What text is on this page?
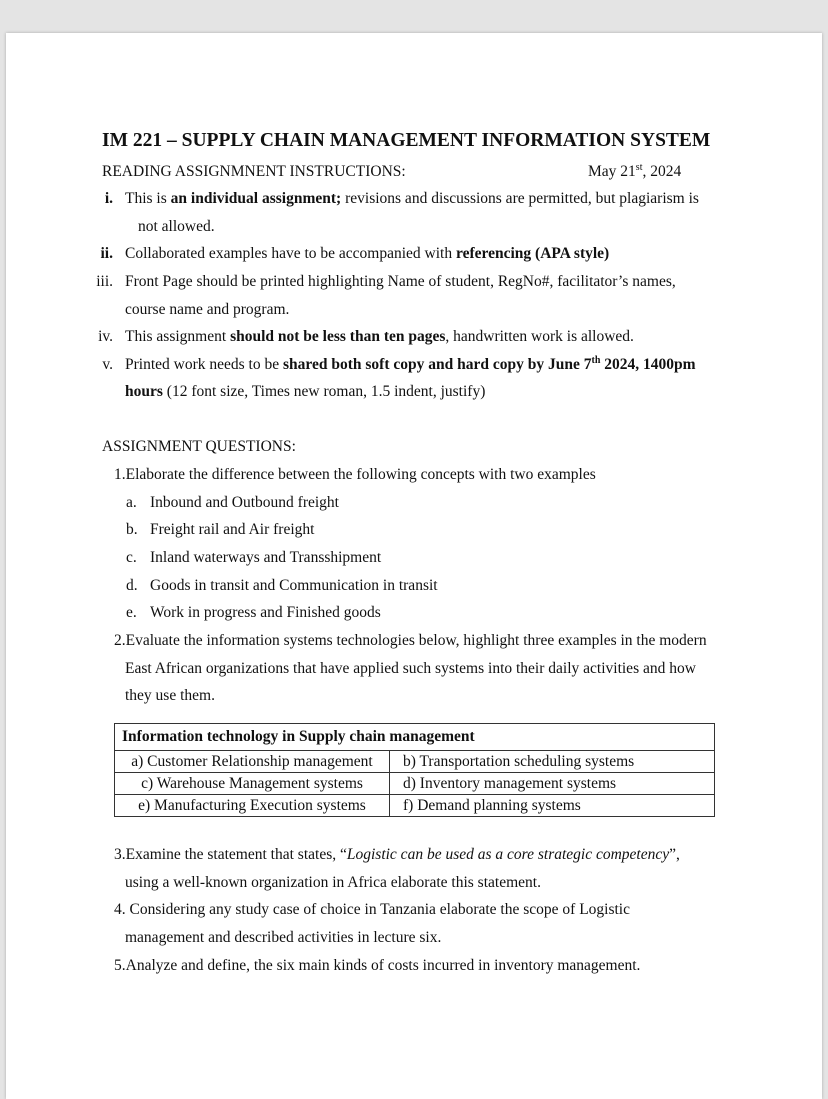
IM 221 – SUPPLY CHAIN MANAGEMENT INFORMATION SYSTEM
READING ASSIGNMNENT INSTRUCTIONS:	May 21st, 2024
i. This is an individual assignment; revisions and discussions are permitted, but plagiarism is
not allowed.
ii. Collaborated examples have to be accompanied with referencing (APA style)
iii. Front Page should be printed highlighting Name of student, RegNo#, facilitator’s names,
course name and program.
iv. This assignment should not be less than ten pages, handwritten work is allowed.
v. Printed work needs to be shared both soft copy and hard copy by June 7th 2024, 1400pm
hours (12 font size, Times new roman, 1.5 indent, justify)
ASSIGNMENT QUESTIONS:
1.Elaborate the difference between the following concepts with two examples
a. Inbound and Outbound freight
b. Freight rail and Air freight
c. Inland waterways and Transshipment
d. Goods in transit and Communication in transit
e. Work in progress and Finished goods
2.Evaluate the information systems technologies below, highlight three examples in the modern
East African organizations that have applied such systems into their daily activities and how
they use them.
Information technology in Supply chain management	
a) Customer Relationship management	b) Transportation scheduling systems
c) Warehouse Management systems	d) Inventory management systems
e) Manufacturing Execution systems	f) Demand planning systems
3.Examine the statement that states, “Logistic can be used as a core strategic competency”,
using a well-known organization in Africa elaborate this statement.
4. Considering any study case of choice in Tanzania elaborate the scope of Logistic
management and described activities in lecture six.
5.Analyze and define, the six main kinds of costs incurred in inventory management.
